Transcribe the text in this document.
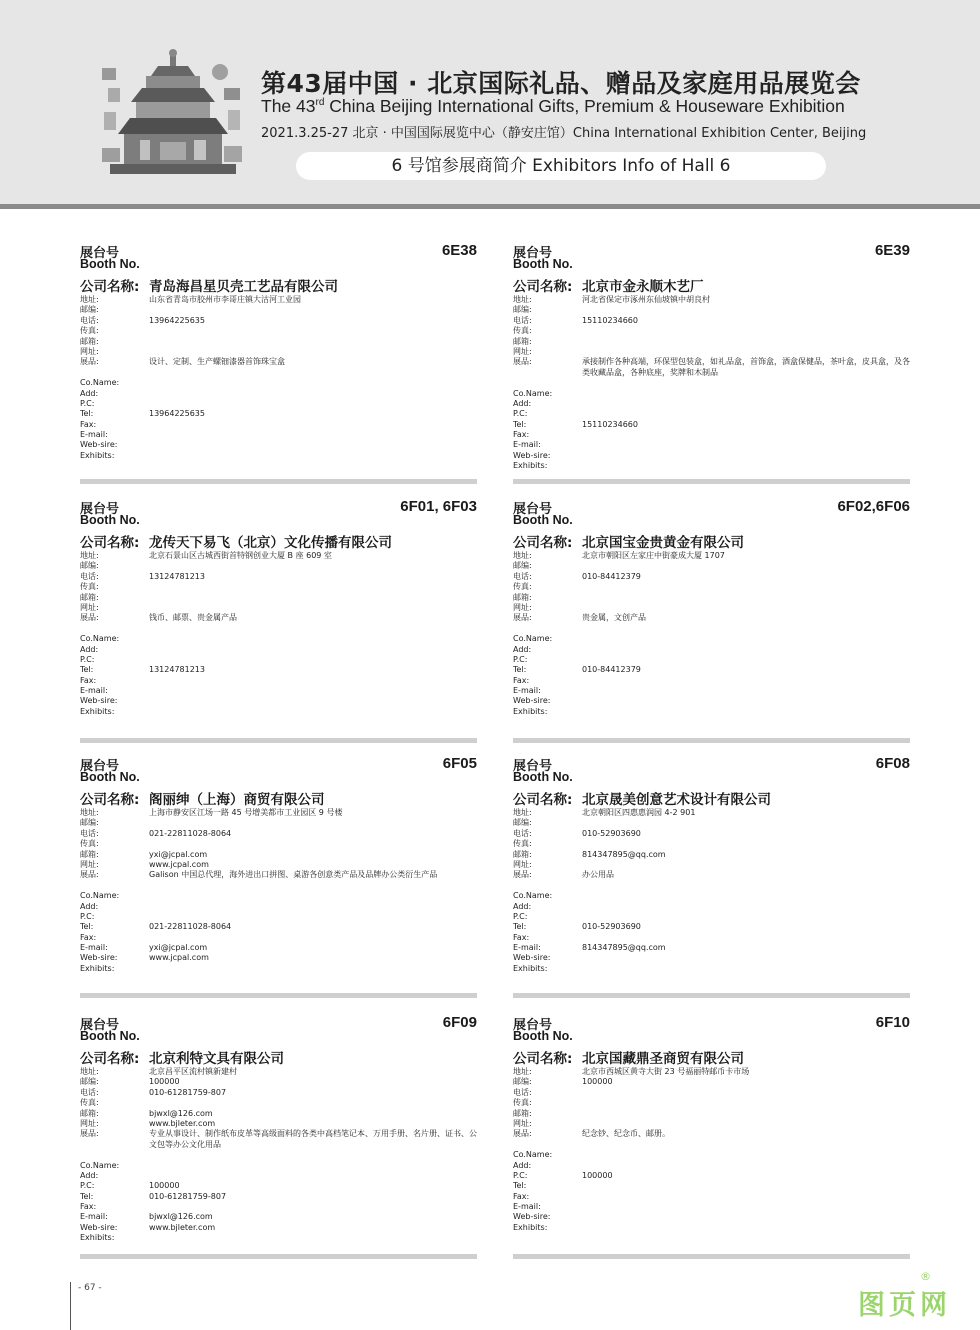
第43届中国 · 北京国际礼品、赠品及家庭用品展览会
The 43rd China Beijing International Gifts, Premium & Houseware Exhibition
2021.3.25-27 北京 · 中国国际展览中心（静安庄馆）China International Exhibition Center, Beijing
6 号馆参展商简介 Exhibitors Info of Hall 6
展台号
Booth No.
6E38
公司名称: 青岛海昌星贝壳工艺品有限公司
地址:	山东省青岛市胶州市李哥庄镇大沽河工业园
邮编:
电话:	13964225635
传真:
邮箱:
网址:
展品:	设计、定制、生产螺钿漆器首饰珠宝盒
Co.Name:
Add:
P.C:
Tel:	13964225635
Fax:
E-mail:
Web-sire:
Exhibits:
展台号
Booth No.
6E39
公司名称: 北京市金永顺木艺厂
地址:	河北省保定市涿州东仙坡镇中胡良村
邮编:
电话:	15110234660
传真:
邮箱:
网址:
展品:	承接制作各种高端，环保型包装盒，如礼品盒，首饰盒，酒盒保健品，茶叶盒，皮具盒，及各类收藏品盒，各种底座，奖牌和木制品
Co.Name:
Add:
P.C:
Tel:	15110234660
Fax:
E-mail:
Web-sire:
Exhibits:
展台号
Booth No.
6F01, 6F03
公司名称: 龙传天下易飞（北京）文化传播有限公司
地址:	北京石景山区古城西街首特钢创业大厦 B 座 609 室
邮编:
电话:	13124781213
传真:
邮箱:
网址:
展品:	钱币、邮票、贵金属产品
Co.Name:
Add:
P.C:
Tel:	13124781213
Fax:
E-mail:
Web-sire:
Exhibits:
展台号
Booth No.
6F02,6F06
公司名称: 北京国宝金贵黄金有限公司
地址:	北京市朝阳区左家庄中街豪成大厦 1707
邮编:
电话:	010-84412379
传真:
邮箱:
网址:
展品:	贵金属，文创产品
Co.Name:
Add:
P.C:
Tel:	010-84412379
Fax:
E-mail:
Web-sire:
Exhibits:
展台号
Booth No.
6F05
公司名称: 阁丽绅（上海）商贸有限公司
地址:	上海市静安区江场一路 45 号增美都市工业园区 9 号楼
邮编:
电话:	021-22811028-8064
传真:
邮箱:	yxi@jcpal.com
网址:	www.jcpal.com
展品:	Galison 中国总代理，海外进出口拼图、桌游各创意类产品及品牌办公类衍生产品
Co.Name:
Add:
P.C:
Tel:	021-22811028-8064
Fax:
E-mail:	yxi@jcpal.com
Web-sire:	www.jcpal.com
Exhibits:
展台号
Booth No.
6F08
公司名称: 北京晟美创意艺术设计有限公司
地址:	北京朝阳区四惠惠润园 4-2 901
邮编:
电话:	010-52903690
传真:
邮箱:	814347895@qq.com
网址:
展品:	办公用品
Co.Name:
Add:
P.C:
Tel:	010-52903690
Fax:
E-mail:	814347895@qq.com
Web-sire:
Exhibits:
展台号
Booth No.
6F09
公司名称: 北京利特文具有限公司
地址:	北京昌平区流村镇新建村
邮编:	100000
电话:	010-61281759-807
传真:
邮箱:	bjwxl@126.com
网址:	www.bjleter.com
展品:	专业从事设计、制作纸布皮革等高级面料的各类中高档笔记本、万用手册、名片册、证书、公文包等办公文化用品
Co.Name:
Add:
P.C:	100000
Tel:	010-61281759-807
Fax:
E-mail:	bjwxl@126.com
Web-sire:	www.bjleter.com
Exhibits:
展台号
Booth No.
6F10
公司名称: 北京国藏鼎圣商贸有限公司
地址:	北京市西城区黄寺大街 23 号福丽特邮币卡市场
邮编:	100000
电话:
传真:
邮箱:
网址:
展品:	纪念钞、纪念币、邮册。
Co.Name:
Add:
P.C:	100000
Tel:
Fax:
E-mail:
Web-sire:
Exhibits:
- 67 -
图页网
®
